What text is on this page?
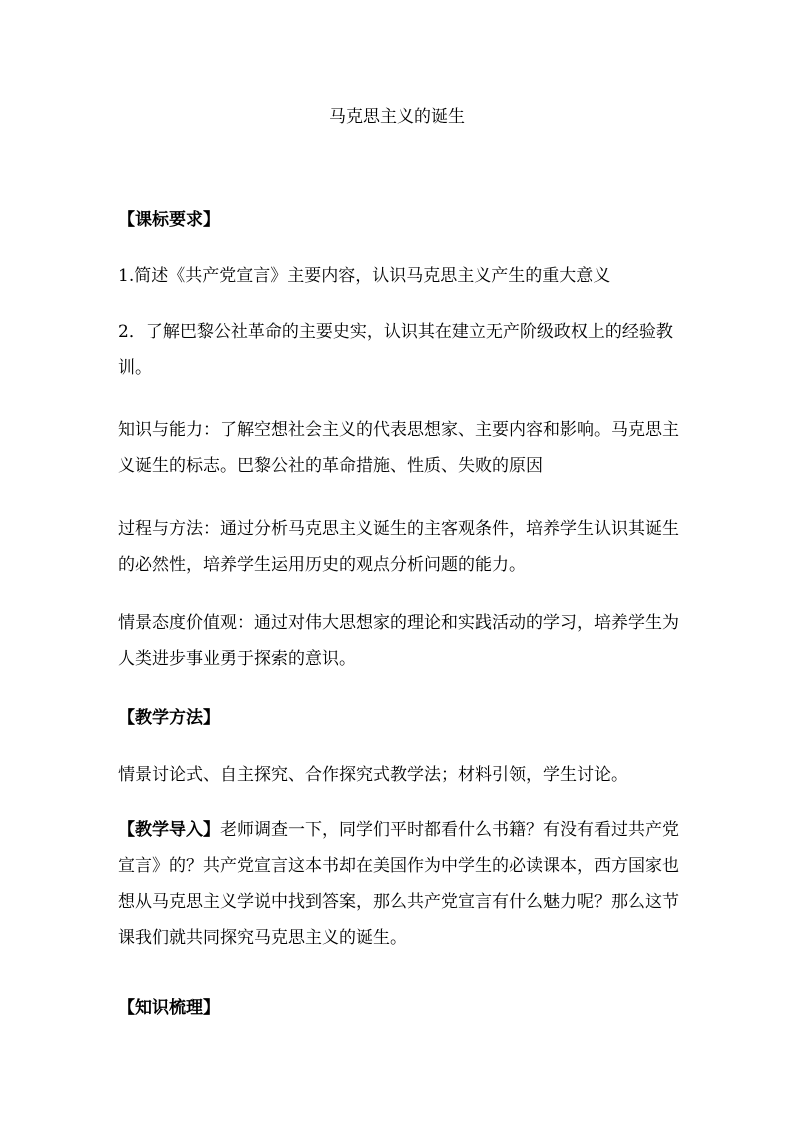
马克思主义的诞生

【课标要求】

1.简述《共产党宣言》主要内容，认识马克思主义产生的重大意义

2．了解巴黎公社革命的主要史实，认识其在建立无产阶级政权上的经验教训。

知识与能力：了解空想社会主义的代表思想家、主要内容和影响。马克思主义诞生的标志。巴黎公社的革命措施、性质、失败的原因

过程与方法：通过分析马克思主义诞生的主客观条件，培养学生认识其诞生的必然性，培养学生运用历史的观点分析问题的能力。

情景态度价值观：通过对伟大思想家的理论和实践活动的学习，培养学生为人类进步事业勇于探索的意识。

【教学方法】

情景讨论式、自主探究、合作探究式教学法；材料引领，学生讨论。

【教学导入】老师调查一下，同学们平时都看什么书籍？有没有看过共产党宣言》的？共产党宣言这本书却在美国作为中学生的必读课本，西方国家也想从马克思主义学说中找到答案，那么共产党宣言有什么魅力呢？那么这节课我们就共同探究马克思主义的诞生。

【知识梳理】
